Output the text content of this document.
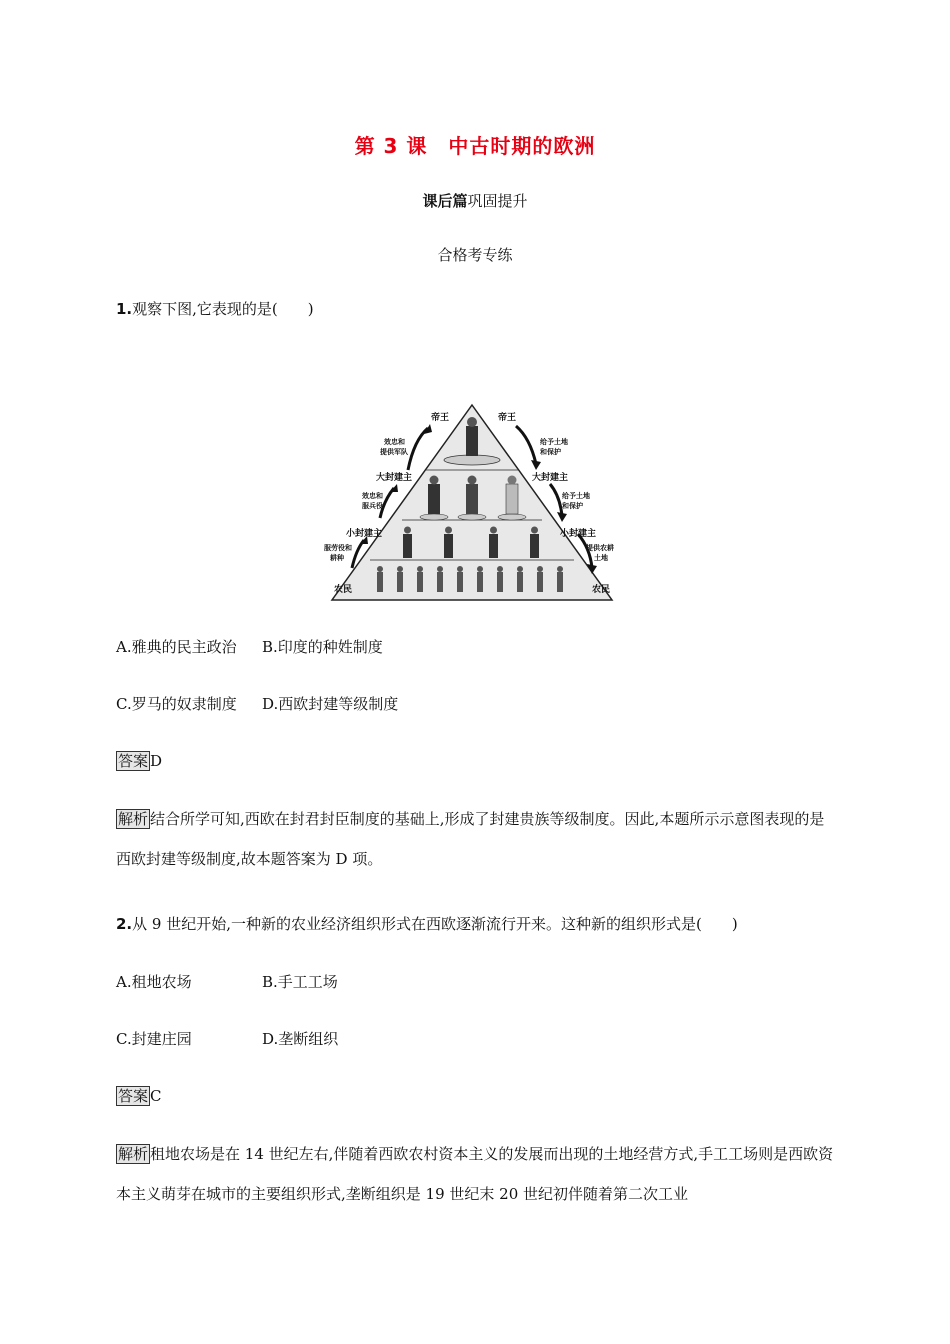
第 3 课　中古时期的欧洲
课后篇巩固提升
合格考专练
1.观察下图,它表现的是(　　)
帝王	帝王
大封建主	大封建主
小封建主	小封建主
农民	农民
效忠和
提供军队
效忠和
服兵役
服劳役和
耕种
给予土地
和保护
给予土地
和保护
提供农耕
土地
A.雅典的民主政治 B.印度的种姓制度
C.罗马的奴隶制度 D.西欧封建等级制度
答案 D
解析 结合所学可知,西欧在封君封臣制度的基础上,形成了封建贵族等级制度。因此,本题所示示意图表现的是西欧封建等级制度,故本题答案为 D 项。
2.从 9 世纪开始,一种新的农业经济组织形式在西欧逐渐流行开来。这种新的组织形式是(　　)
A.租地农场	B.手工工场
C.封建庄园	D.垄断组织
答案 C
解析 租地农场是在 14 世纪左右,伴随着西欧农村资本主义的发展而出现的土地经营方式,手工工场则是西欧资本主义萌芽在城市的主要组织形式,垄断组织是 19 世纪末 20 世纪初伴随着第二次工业
